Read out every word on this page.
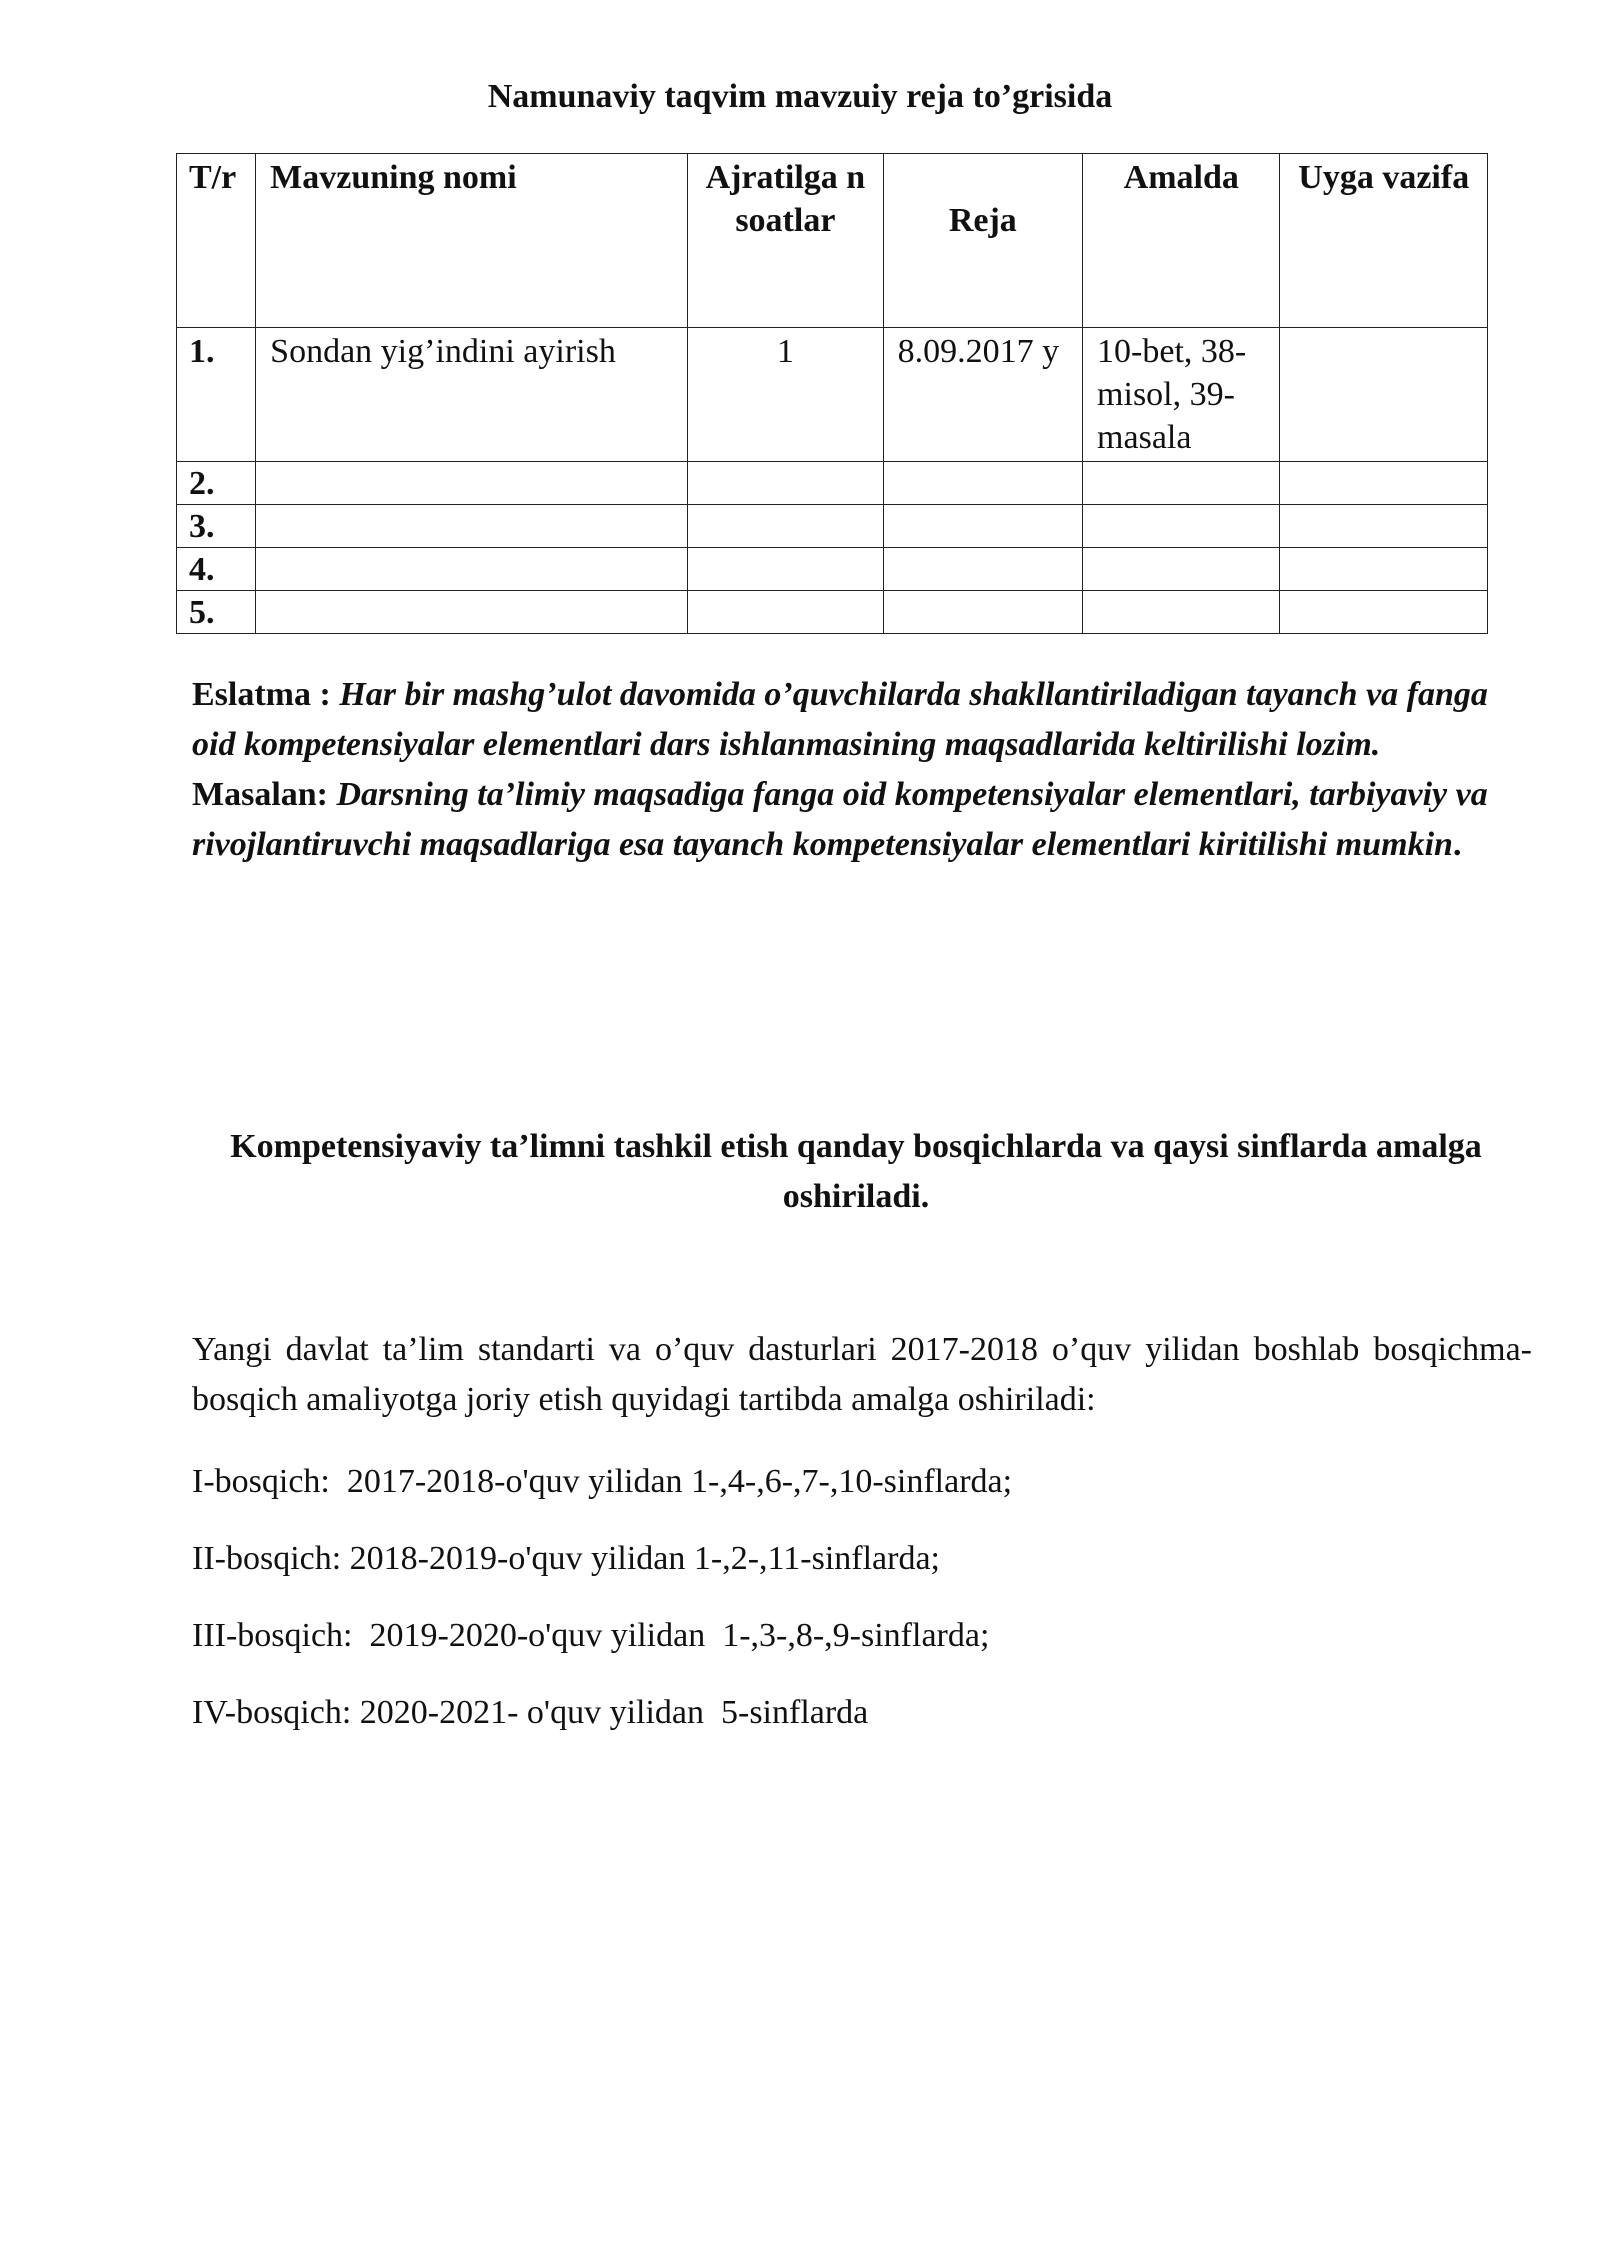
Namunaviy taqvim mavzuiy reja to’grisida
T/r	Mavzuning nomi	Ajratilga n soatlar	Reja	Amalda	Uyga vazifa
1.	Sondan yig’indini ayirish	1	8.09.2017 y	10-bet, 38-misol, 39-masala	
2.					
3.					
4.					
5.					
Eslatma : Har bir mashg’ulot davomida o’quvchilarda shakllantiriladigan tayanch va fanga oid kompetensiyalar elementlari dars ishlanmasining maqsadlarida keltirilishi lozim.
Masalan: Darsning ta’limiy maqsadiga fanga oid kompetensiyalar elementlari, tarbiyaviy va rivojlantiruvchi maqsadlariga esa tayanch kompetensiyalar elementlari kiritilishi mumkin.
Kompetensiyaviy ta’limni tashkil etish qanday bosqichlarda va qaysi sinflarda amalga oshiriladi.
Yangi davlat ta’lim standarti va o’quv dasturlari 2017-2018 o’quv yilidan boshlab bosqichma-bosqich amaliyotga joriy etish quyidagi tartibda amalga oshiriladi:
I-bosqich:  2017-2018-o'quv yilidan 1-,4-,6-,7-,10-sinflarda;
II-bosqich: 2018-2019-o'quv yilidan 1-,2-,11-sinflarda;
III-bosqich:  2019-2020-o'quv yilidan  1-,3-,8-,9-sinflarda;
IV-bosqich: 2020-2021- o'quv yilidan  5-sinflarda
